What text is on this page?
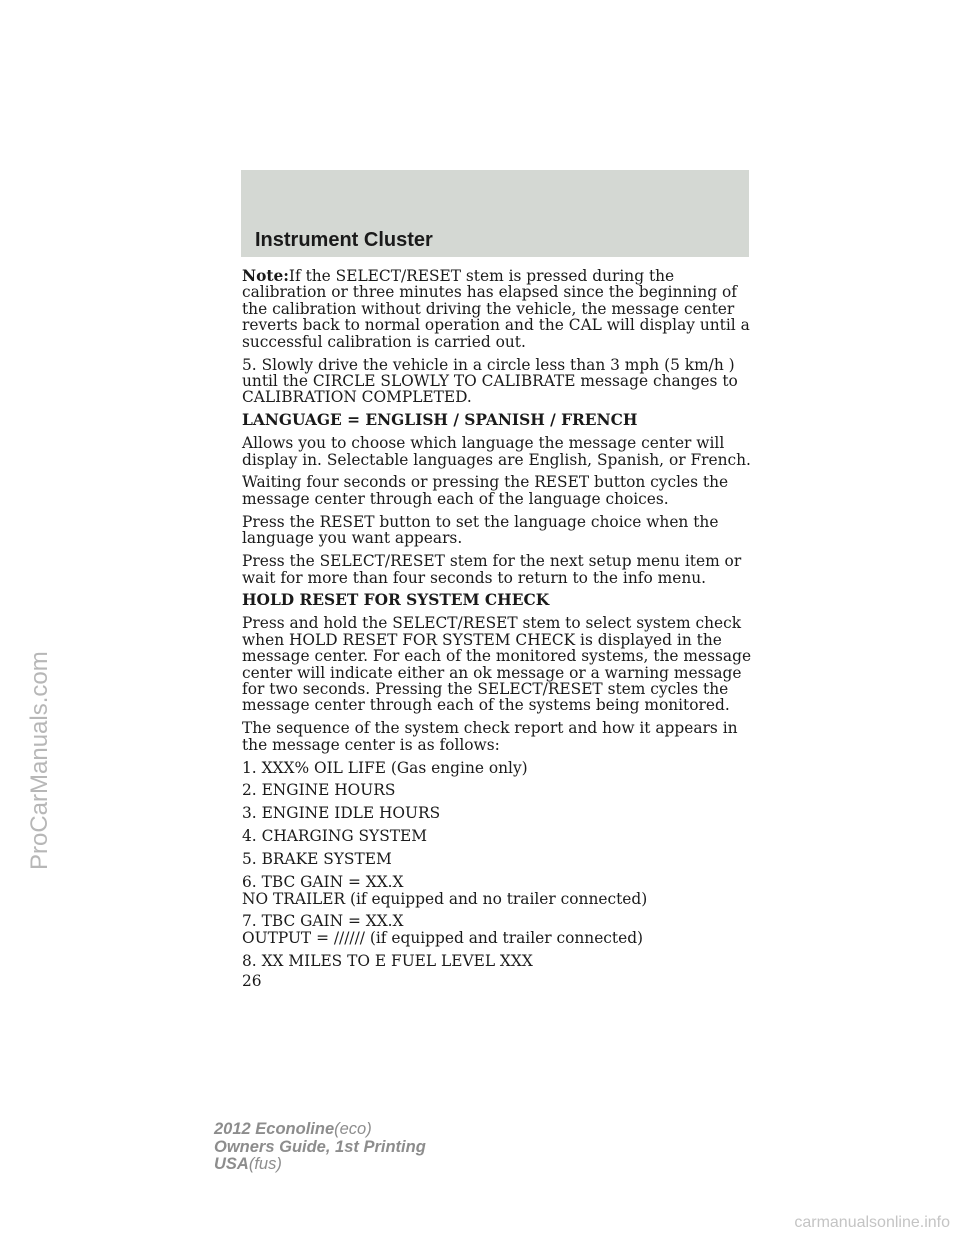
Instrument Cluster

Note:If the SELECT/RESET stem is pressed during the calibration or three minutes has elapsed since the beginning of the calibration without driving the vehicle, the message center reverts back to normal operation and the CAL will display until a successful calibration is carried out.

5. Slowly drive the vehicle in a circle less than 3 mph (5 km/h ) until the CIRCLE SLOWLY TO CALIBRATE message changes to CALIBRATION COMPLETED.

LANGUAGE = ENGLISH / SPANISH / FRENCH

Allows you to choose which language the message center will display in. Selectable languages are English, Spanish, or French.

Waiting four seconds or pressing the RESET button cycles the message center through each of the language choices.

Press the RESET button to set the language choice when the language you want appears.

Press the SELECT/RESET stem for the next setup menu item or wait for more than four seconds to return to the info menu.

HOLD RESET FOR SYSTEM CHECK

Press and hold the SELECT/RESET stem to select system check when HOLD RESET FOR SYSTEM CHECK is displayed in the message center. For each of the monitored systems, the message center will indicate either an ok message or a warning message for two seconds. Pressing the SELECT/RESET stem cycles the message center through each of the systems being monitored.

The sequence of the system check report and how it appears in the message center is as follows:

1. XXX% OIL LIFE (Gas engine only)

2. ENGINE HOURS

3. ENGINE IDLE HOURS

4. CHARGING SYSTEM

5. BRAKE SYSTEM

6. TBC GAIN = XX.X
NO TRAILER (if equipped and no trailer connected)

7. TBC GAIN = XX.X
OUTPUT = ////// (if equipped and trailer connected)

8. XX MILES TO E FUEL LEVEL XXX

26
ProCarManuals.com
2012 Econoline(eco)
Owners Guide, 1st Printing
USA(fus)
carmanualsonline.info
